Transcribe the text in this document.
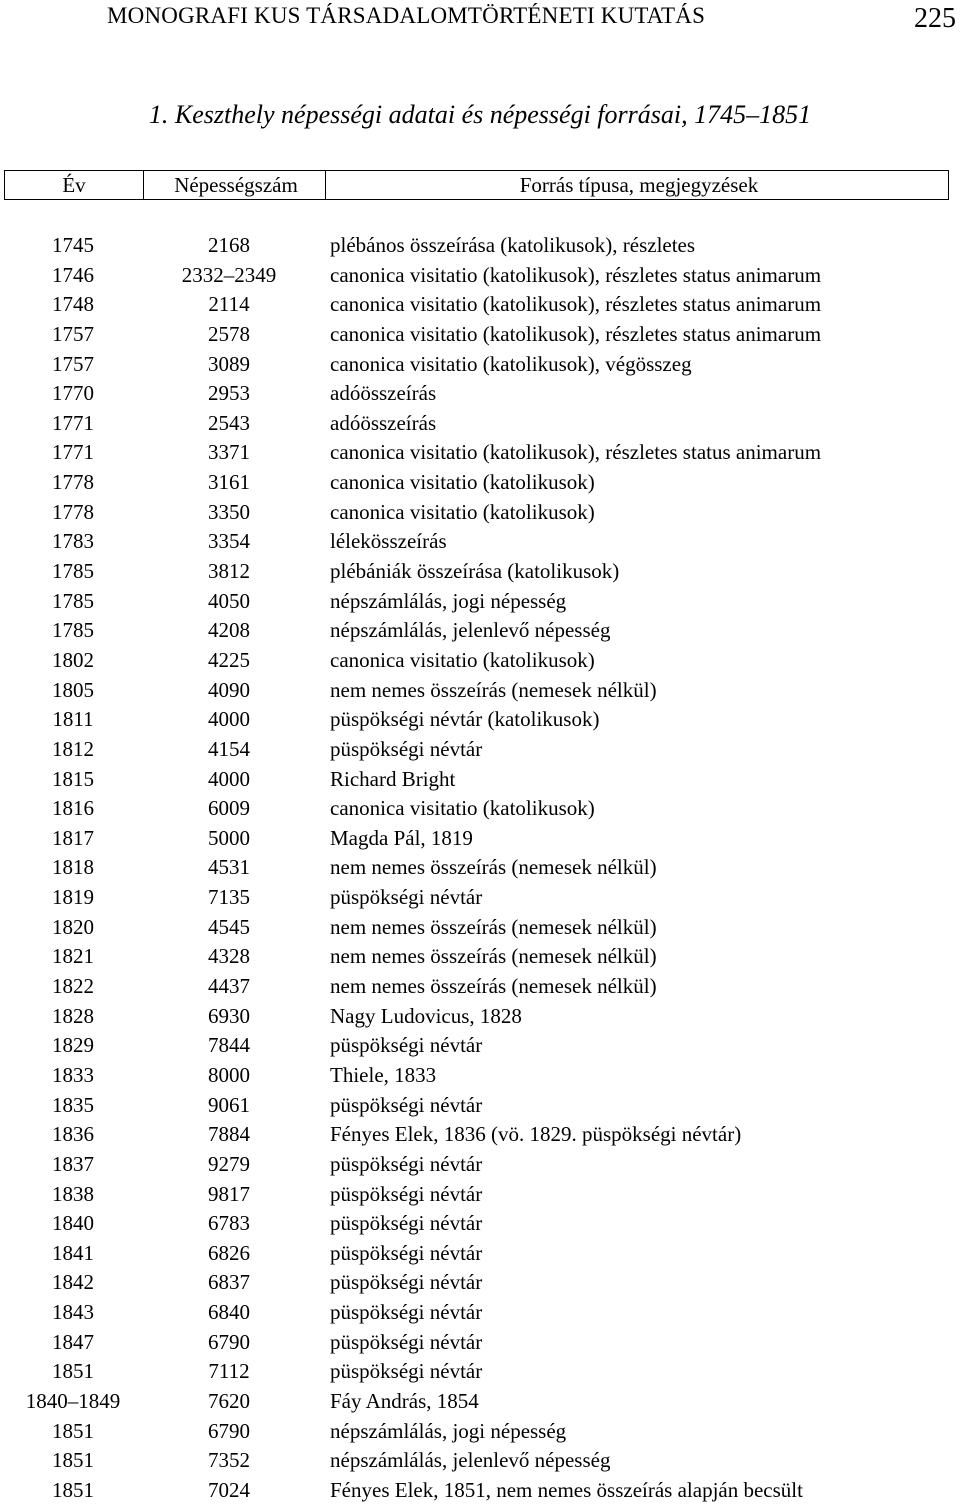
MONOGRAFI KUS TÁRSADALOMTÖRTÉNETI KUTATÁS	225
1. Keszthely népességi adatai és népességi forrásai, 1745–1851
Év	Népességszám	Forrás típusa, megjegyzések
1745	2168	plébános összeírása (katolikusok), részletes
1746	2332–2349	canonica visitatio (katolikusok), részletes status animarum
1748	2114	canonica visitatio (katolikusok), részletes status animarum
1757	2578	canonica visitatio (katolikusok), részletes status animarum
1757	3089	canonica visitatio (katolikusok), végösszeg
1770	2953	adóösszeírás
1771	2543	adóösszeírás
1771	3371	canonica visitatio (katolikusok), részletes status animarum
1778	3161	canonica visitatio (katolikusok)
1778	3350	canonica visitatio (katolikusok)
1783	3354	lélekösszeírás
1785	3812	plébániák összeírása (katolikusok)
1785	4050	népszámlálás, jogi népesség
1785	4208	népszámlálás, jelenlevő népesség
1802	4225	canonica visitatio (katolikusok)
1805	4090	nem nemes összeírás (nemesek nélkül)
1811	4000	püspökségi névtár (katolikusok)
1812	4154	püspökségi névtár
1815	4000	Richard Bright
1816	6009	canonica visitatio (katolikusok)
1817	5000	Magda Pál, 1819
1818	4531	nem nemes összeírás (nemesek nélkül)
1819	7135	püspökségi névtár
1820	4545	nem nemes összeírás (nemesek nélkül)
1821	4328	nem nemes összeírás (nemesek nélkül)
1822	4437	nem nemes összeírás (nemesek nélkül)
1828	6930	Nagy Ludovicus, 1828
1829	7844	püspökségi névtár
1833	8000	Thiele, 1833
1835	9061	püspökségi névtár
1836	7884	Fényes Elek, 1836 (vö. 1829. püspökségi névtár)
1837	9279	püspökségi névtár
1838	9817	püspökségi névtár
1840	6783	püspökségi névtár
1841	6826	püspökségi névtár
1842	6837	püspökségi névtár
1843	6840	püspökségi névtár
1847	6790	püspökségi névtár
1851	7112	püspökségi névtár
1840–1849	7620	Fáy András, 1854
1851	6790	népszámlálás, jogi népesség
1851	7352	népszámlálás, jelenlevő népesség
1851	7024	Fényes Elek, 1851, nem nemes összeírás alapján becsült
